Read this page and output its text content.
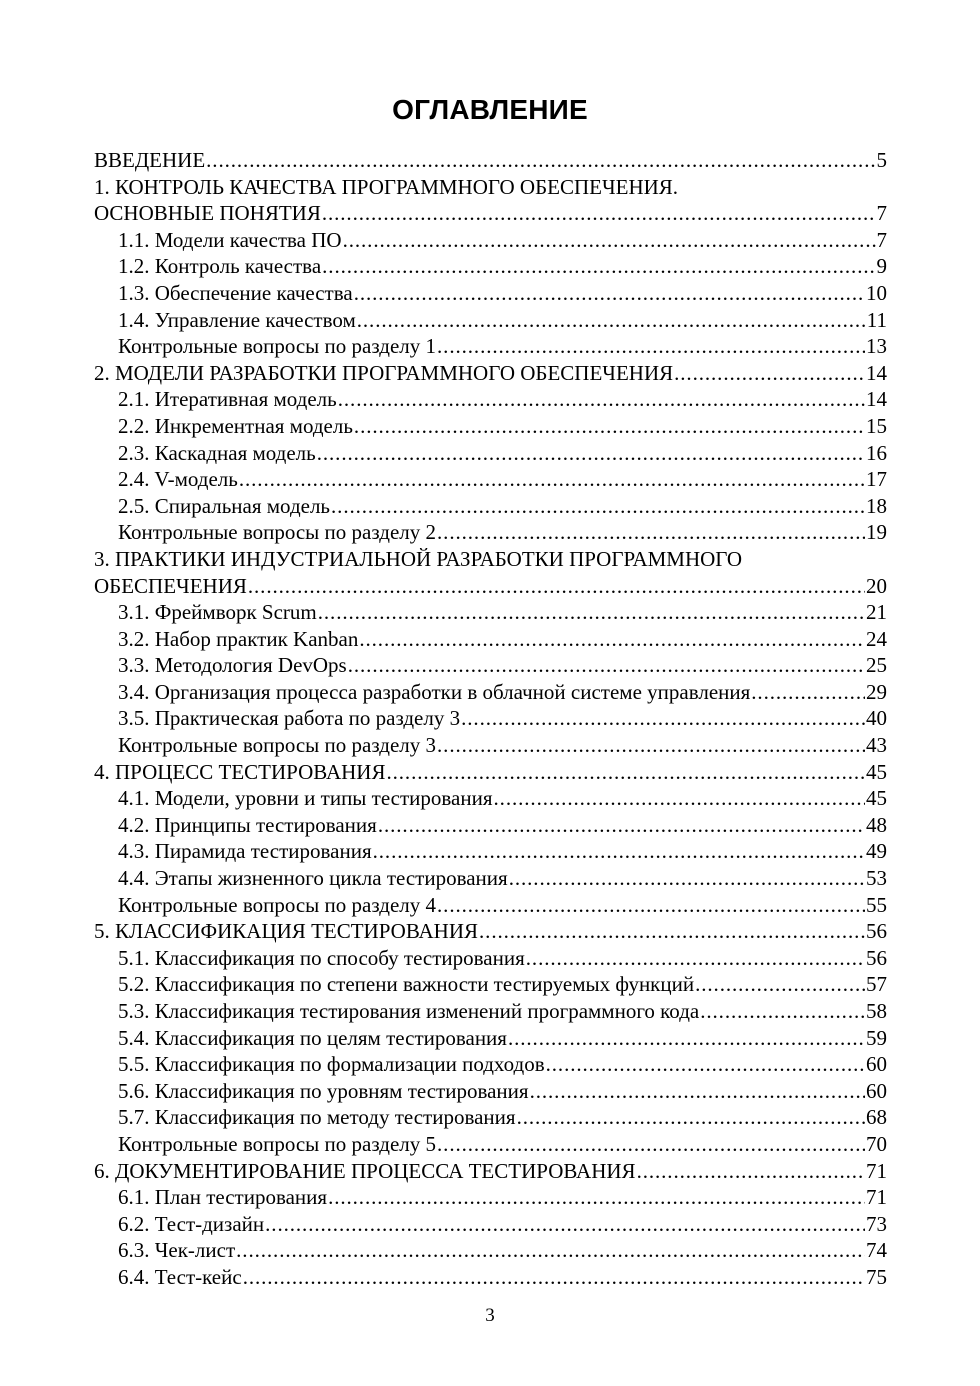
ОГЛАВЛЕНИЕ
ВВЕДЕНИЕ .....	5
1. КОНТРОЛЬ КАЧЕСТВА ПРОГРАММНОГО ОБЕСПЕЧЕНИЯ.
ОСНОВНЫЕ ПОНЯТИЯ .....	7
1.1. Модели качества ПО .....	7
1.2. Контроль качества .....	9
1.3. Обеспечение качества .....	10
1.4. Управление качеством .....	11
Контрольные вопросы по разделу 1 .....	13
2. МОДЕЛИ РАЗРАБОТКИ ПРОГРАММНОГО ОБЕСПЕЧЕНИЯ .....	14
2.1. Итеративная модель .....	14
2.2. Инкрементная модель .....	15
2.3. Каскадная модель .....	16
2.4. V-модель .....	17
2.5. Спиральная модель .....	18
Контрольные вопросы по разделу 2 .....	19
3. ПРАКТИКИ ИНДУСТРИАЛЬНОЙ РАЗРАБОТКИ ПРОГРАММНОГО
ОБЕСПЕЧЕНИЯ .....	20
3.1. Фреймворк Scrum .....	21
3.2. Набор практик Kanban .....	24
3.3. Методология DevOps .....	25
3.4. Организация процесса разработки в облачной системе управления .....	29
3.5. Практическая работа по разделу 3 .....	40
Контрольные вопросы по разделу 3 .....	43
4. ПРОЦЕСС ТЕСТИРОВАНИЯ .....	45
4.1. Модели, уровни и типы тестирования .....	45
4.2. Принципы тестирования .....	48
4.3. Пирамида тестирования .....	49
4.4. Этапы жизненного цикла тестирования .....	53
Контрольные вопросы по разделу 4 .....	55
5. КЛАССИФИКАЦИЯ ТЕСТИРОВАНИЯ .....	56
5.1. Классификация по способу тестирования .....	56
5.2. Классификация по степени важности тестируемых функций .....	57
5.3. Классификация тестирования изменений программного кода .....	58
5.4. Классификация по целям тестирования .....	59
5.5. Классификация по формализации подходов .....	60
5.6. Классификация по уровням тестирования .....	60
5.7. Классификация по методу тестирования .....	68
Контрольные вопросы по разделу 5 .....	70
6. ДОКУМЕНТИРОВАНИЕ ПРОЦЕССА ТЕСТИРОВАНИЯ .....	71
6.1. План тестирования .....	71
6.2. Тест-дизайн .....	73
6.3. Чек-лист .....	74
6.4. Тест-кейс .....	75
3
